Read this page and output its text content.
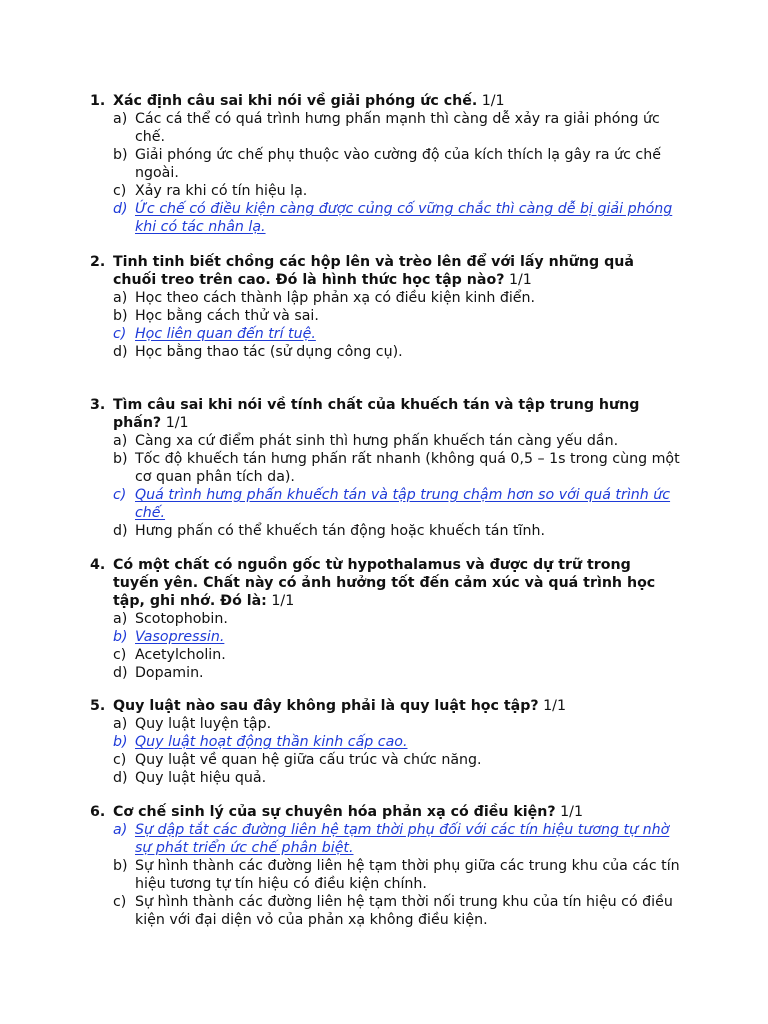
1. Xác định câu sai khi nói về giải phóng ức chế. 1/1
a) Các cá thể có quá trình hưng phấn mạnh thì càng dễ xảy ra giải phóng ức chế.
b) Giải phóng ức chế phụ thuộc vào cường độ của kích thích lạ gây ra ức chế ngoài.
c) Xảy ra khi có tín hiệu lạ.
d) Ức chế có điều kiện càng được củng cố vững chắc thì càng dễ bị giải phóng khi có tác nhân lạ.
2. Tinh tinh biết chồng các hộp lên và trèo lên để với lấy những quả chuối treo trên cao. Đó là hình thức học tập nào? 1/1
a) Học theo cách thành lập phản xạ có điều kiện kinh điển.
b) Học bằng cách thử và sai.
c) Học liên quan đến trí tuệ.
d) Học bằng thao tác (sử dụng công cụ).
3. Tìm câu sai khi nói về tính chất của khuếch tán và tập trung hưng phấn? 1/1
a) Càng xa cứ điểm phát sinh thì hưng phấn khuếch tán càng yếu dần.
b) Tốc độ khuếch tán hưng phấn rất nhanh (không quá 0,5 – 1s trong cùng một cơ quan phân tích da).
c) Quá trình hưng phấn khuếch tán và tập trung chậm hơn so với quá trình ức chế.
d) Hưng phấn có thể khuếch tán động hoặc khuếch tán tĩnh.
4. Có một chất có nguồn gốc từ hypothalamus và được dự trữ trong tuyến yên. Chất này có ảnh hưởng tốt đến cảm xúc và quá trình học tập, ghi nhớ. Đó là: 1/1
a) Scotophobin.
b) Vasopressin.
c) Acetylcholin.
d) Dopamin.
5. Quy luật nào sau đây không phải là quy luật học tập? 1/1
a) Quy luật luyện tập.
b) Quy luật hoạt động thần kinh cấp cao.
c) Quy luật về quan hệ giữa cấu trúc và chức năng.
d) Quy luật hiệu quả.
6. Cơ chế sinh lý của sự chuyên hóa phản xạ có điều kiện? 1/1
a) Sự dập tắt các đường liên hệ tạm thời phụ đối với các tín hiệu tương tự nhờ sự phát triển ức chế phân biệt.
b) Sự hình thành các đường liên hệ tạm thời phụ giữa các trung khu của các tín hiệu tương tự tín hiệu có điều kiện chính.
c) Sự hình thành các đường liên hệ tạm thời nối trung khu của tín hiệu có điều kiện với đại diện vỏ của phản xạ không điều kiện.
